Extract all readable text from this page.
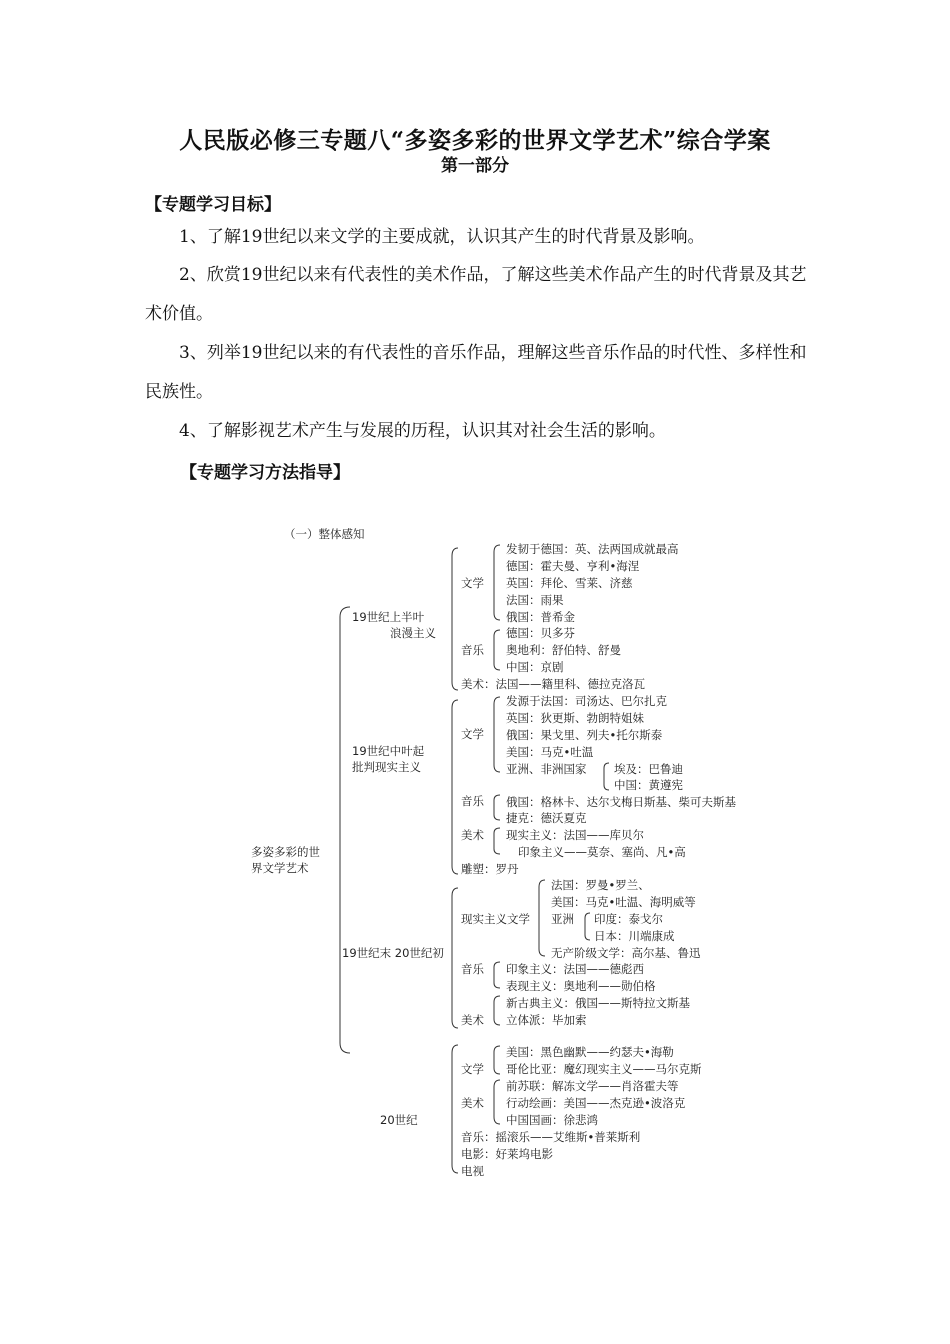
人民版必修三专题八“多姿多彩的世界文学艺术”综合学案
第一部分
【专题学习目标】

1、了解19世纪以来文学的主要成就，认识其产生的时代背景及影响。

2、欣赏19世纪以来有代表性的美术作品，了解这些美术作品产生的时代背景及其艺术价值。

3、列举19世纪以来的有代表性的音乐作品，理解这些音乐作品的时代性、多样性和民族性。

4、了解影视艺术产生与发展的历程，认识其对社会生活的影响。

【专题学习方法指导】
（一）整体感知
多姿多彩的世
界文学艺术
19世纪上半叶
浪漫主义
文学
发韧于德国：英、法两国成就最高
德国：霍夫曼、亨利•海涅
英国：拜伦、雪莱、济慈
法国：雨果
俄国：普希金
音乐
德国：贝多芬
奥地利：舒伯特、舒曼
中国：京剧
美术：法国——籍里科、德拉克洛瓦
19世纪中叶起
批判现实主义
文学
发源于法国：司汤达、巴尔扎克
英国：狄更斯、勃朗特姐妹
俄国：果戈里、列夫•托尔斯泰
美国：马克•吐温
亚洲、非洲国家 埃及：巴鲁迪
中国：黄遵宪
音乐 俄国：格林卡、达尔戈梅日斯基、柴可夫斯基
捷克：德沃夏克
美术 现实主义：法国——库贝尔
印象主义——莫奈、塞尚、凡•高
雕塑：罗丹
19世纪末 20世纪初
现实主义文学
法国：罗曼•罗兰、
美国：马克•吐温、海明威等
亚洲 印度：泰戈尔
日本：川端康成
无产阶级文学：高尔基、鲁迅
音乐 印象主义：法国——德彪西
表现主义：奥地利——勋伯格
美术
新古典主义：俄国——斯特拉文斯基
立体派：毕加索
20世纪
文学
美国：黑色幽默——约瑟夫•海勒
哥伦比亚：魔幻现实主义——马尔克斯
美术
前苏联：解冻文学——肖洛霍夫等
行动绘画：美国——杰克逊•波洛克
中国国画：徐悲鸿
音乐：摇滚乐——艾维斯•普莱斯利
电影：好莱坞电影
电视
